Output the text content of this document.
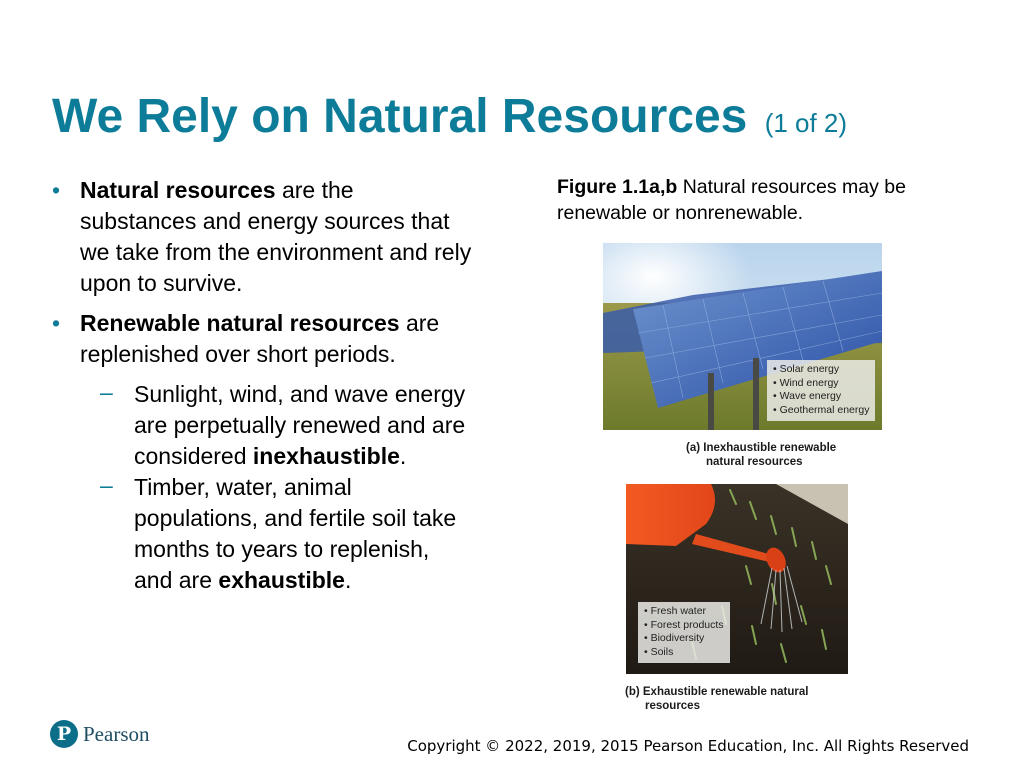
We Rely on Natural Resources (1 of 2)
• Natural resources are the substances and energy sources that we take from the environment and rely upon to survive.
• Renewable natural resources are replenished over short periods.
– Sunlight, wind, and wave energy are perpetually renewed and are considered inexhaustible.
– Timber, water, animal populations, and fertile soil take months to years to replenish, and are exhaustible.
Figure 1.1a,b Natural resources may be renewable or nonrenewable.
• Solar energy
• Wind energy
• Wave energy
• Geothermal energy
(a) Inexhaustible renewable
natural resources
• Fresh water
• Forest products
• Biodiversity
• Soils
(b) Exhaustible renewable natural
resources
P Pearson
Copyright © 2022, 2019, 2015 Pearson Education, Inc. All Rights Reserved
